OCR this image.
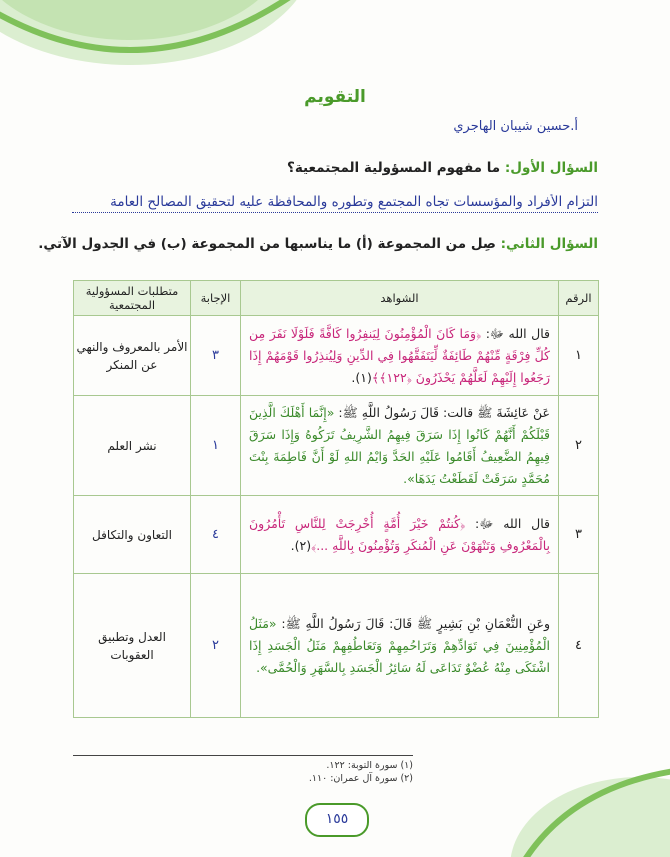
التقويم
أ.حسين شيبان الهاجري
السؤال الأول: ما مفهوم المسؤولية المجتمعية؟
التزام الأفراد والمؤسسات تجاه المجتمع وتطوره والمحافظة عليه لتحقيق المصالح العامة
السؤال الثاني: صِل من المجموعة (أ) ما يناسبها من المجموعة (ب) في الجدول الآتي.
الرقم	الشواهد	الإجابة	متطلبات المسؤولية المجتمعية
١	قال الله ﷻ: ﴿وَمَا كَانَ الْمُؤْمِنُونَ لِيَنفِرُوا كَافَّةً فَلَوْلَا نَفَرَ مِن كُلِّ فِرْقَةٍ مِّنْهُمْ طَائِفَةٌ لِّيَتَفَقَّهُوا فِي الدِّينِ وَلِيُنذِرُوا قَوْمَهُمْ إِذَا رَجَعُوا إِلَيْهِمْ لَعَلَّهُمْ يَحْذَرُونَ ﴿١٢٢﴾﴾(١).	٣	الأمر بالمعروف والنهي عن المنكر
٢	عَنْ عَائِشَةَ ﷺ قالت: قَالَ رَسُولُ اللَّهِ ﷺ: «إِنَّمَا أَهْلَكَ الَّذِينَ قَبْلَكُمْ أَنَّهُمْ كَانُوا إِذَا سَرَقَ فِيهِمُ الشَّرِيفُ تَرَكُوهُ وَإِذَا سَرَقَ فِيهِمُ الضَّعِيفُ أَقَامُوا عَلَيْهِ الحَدَّ وَايْمُ اللهِ لَوْ أَنَّ فَاطِمَةَ بِنْتَ مُحَمَّدٍ سَرَقَتْ لَقَطَعْتُ يَدَهَا».	١	نشر العلم
٣	قال الله ﷻ: ﴿كُنتُمْ خَيْرَ أُمَّةٍ أُخْرِجَتْ لِلنَّاسِ تَأْمُرُونَ بِالْمَعْرُوفِ وَتَنْهَوْنَ عَنِ الْمُنكَرِ وَتُؤْمِنُونَ بِاللَّهِ ...﴾(٢).	٤	التعاون والتكافل
٤	وعَنِ النُّعْمَانِ بْنِ بَشِيرٍ ﷺ قَالَ: قَالَ رَسُولُ اللَّهِ ﷺ: «مَثَلُ الْمُؤْمِنِينَ فِي تَوَادِّهِمْ وَتَرَاحُمِهِمْ وَتَعَاطُفِهِمْ مَثَلُ الْجَسَدِ إِذَا اشْتَكَى مِنْهُ عُضْوٌ تَدَاعَى لَهُ سَائِرُ الْجَسَدِ بِالسَّهَرِ وَالْحُمَّى».	٢	العدل وتطبيق العقوبات
(١) سورة التوبة: ١٢٢.
(٢) سورة آل عمران: ١١٠.
١٥٥
